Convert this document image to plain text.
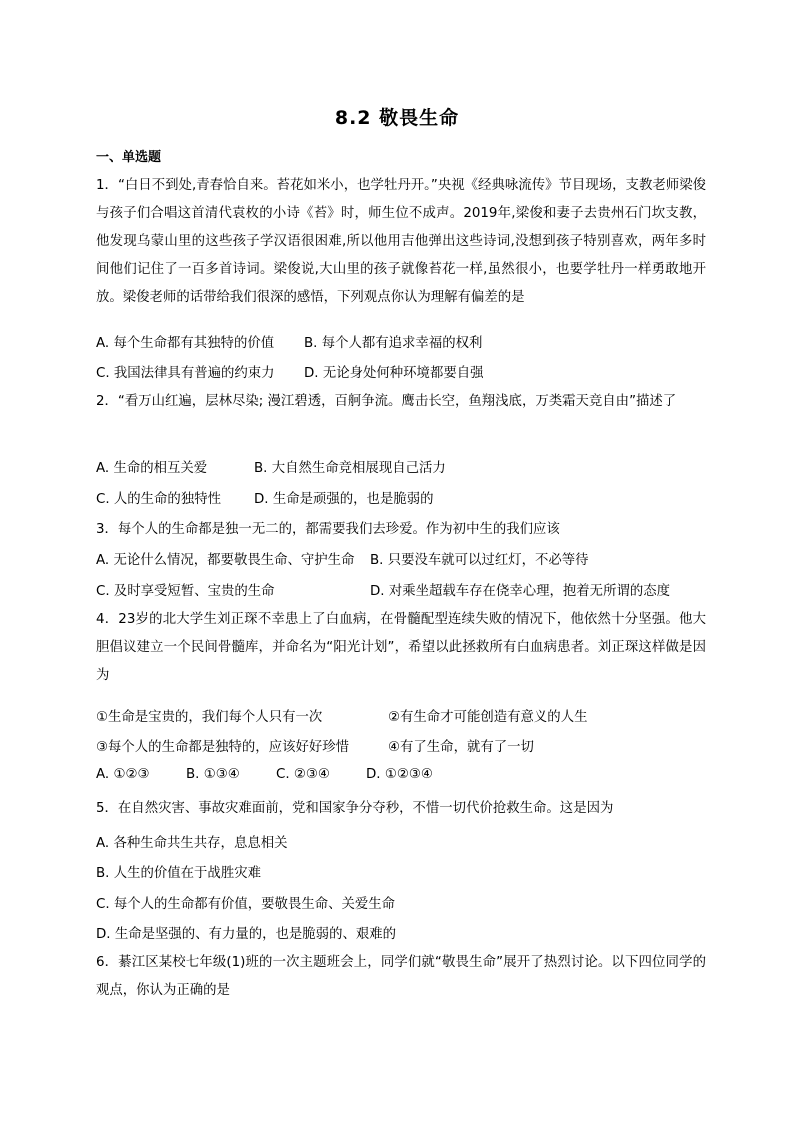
8.2 敬畏生命
一、单选题
1．“白日不到处,青春恰自来。苔花如米小，也学牡丹开。”央视《经典咏流传》节目现场，支教老师梁俊与孩子们合唱这首清代袁枚的小诗《苔》时，师生位不成声。2019年,梁俊和妻子去贵州石门坎支教，他发现乌蒙山里的这些孩子学汉语很困难,所以他用吉他弹出这些诗词,没想到孩子特别喜欢，两年多时间他们记住了一百多首诗词。梁俊说,大山里的孩子就像苔花一样,虽然很小，也要学牡丹一样勇敢地开放。梁俊老师的话带给我们很深的感悟，下列观点你认为理解有偏差的是
A. 每个生命都有其独特的价值 B. 每个人都有追求幸福的权利
C. 我国法律具有普遍的约束力 D. 无论身处何种环境都要自强
2．“看万山红遍，层林尽染; 漫江碧透，百舸争流。鹰击长空，鱼翔浅底，万类霜天竞自由”描述了
A. 生命的相互关爱	B. 大自然生命竞相展现自己活力
C. 人的生命的独特性 D. 生命是顽强的，也是脆弱的
3．每个人的生命都是独一无二的，都需要我们去珍爱。作为初中生的我们应该
A. 无论什么情况，都要敬畏生命、守护生命 B. 只要没车就可以过红灯，不必等待
C. 及时享受短暂、宝贵的生命	D. 对乘坐超载车存在侥幸心理，抱着无所谓的态度
4．23岁的北大学生刘正琛不幸患上了白血病，在骨髓配型连续失败的情况下，他依然十分坚强。他大胆倡议建立一个民间骨髓库，并命名为“阳光计划”，希望以此拯救所有白血病患者。刘正琛这样做是因为
①生命是宝贵的，我们每个人只有一次	②有生命才可能创造有意义的人生
③每个人的生命都是独特的，应该好好珍惜	④有了生命，就有了一切
A. ①②③	B. ①③④	C. ②③④	D. ①②③④
5．在自然灾害、事故灾难面前，党和国家争分夺秒，不惜一切代价抢救生命。这是因为
A. 各种生命共生共存，息息相关
B. 人生的价值在于战胜灾难
C. 每个人的生命都有价值，要敬畏生命、关爱生命
D. 生命是坚强的、有力量的，也是脆弱的、艰难的
6．綦江区某校七年级(1)班的一次主题班会上，同学们就“敬畏生命”展开了热烈讨论。以下四位同学的观点，你认为正确的是
